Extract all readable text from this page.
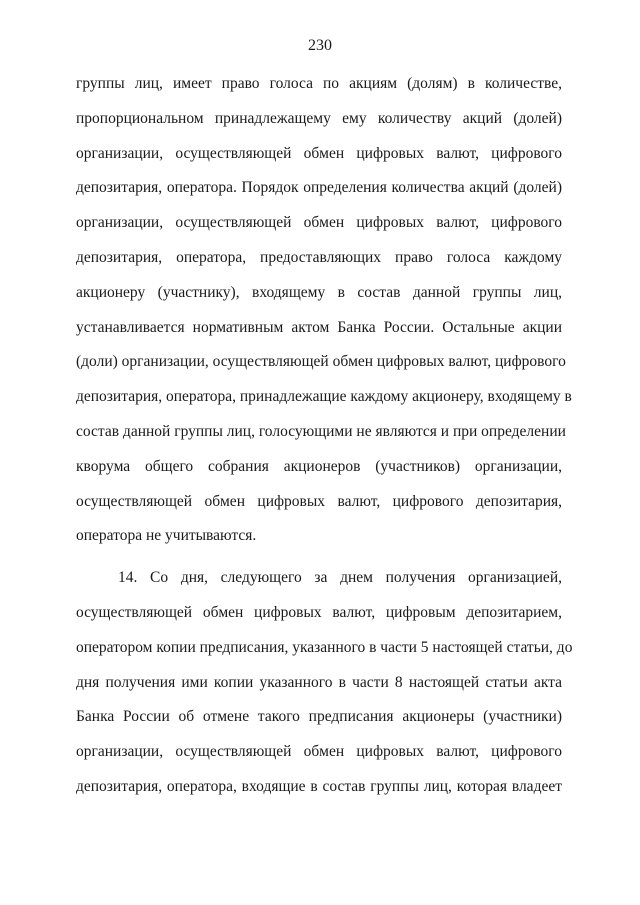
230
группы лиц, имеет право голоса по акциям (долям) в количестве,
пропорциональном принадлежащему ему количеству акций (долей)
организации, осуществляющей обмен цифровых валют, цифрового
депозитария, оператора. Порядок определения количества акций (долей)
организации, осуществляющей обмен цифровых валют, цифрового
депозитария, оператора, предоставляющих право голоса каждому
акционеру (участнику), входящему в состав данной группы лиц,
устанавливается нормативным актом Банка России. Остальные акции
(доли) организации, осуществляющей обмен цифровых валют, цифрового
депозитария, оператора, принадлежащие каждому акционеру, входящему в
состав данной группы лиц, голосующими не являются и при определении
кворума общего собрания акционеров (участников) организации,
осуществляющей обмен цифровых валют, цифрового депозитария,
оператора не учитываются.
14. Со дня, следующего за днем получения организацией,
осуществляющей обмен цифровых валют, цифровым депозитарием,
оператором копии предписания, указанного в части 5 настоящей статьи, до
дня получения ими копии указанного в части 8 настоящей статьи акта
Банка России об отмене такого предписания акционеры (участники)
организации, осуществляющей обмен цифровых валют, цифрового
депозитария, оператора, входящие в состав группы лиц, которая владеет
